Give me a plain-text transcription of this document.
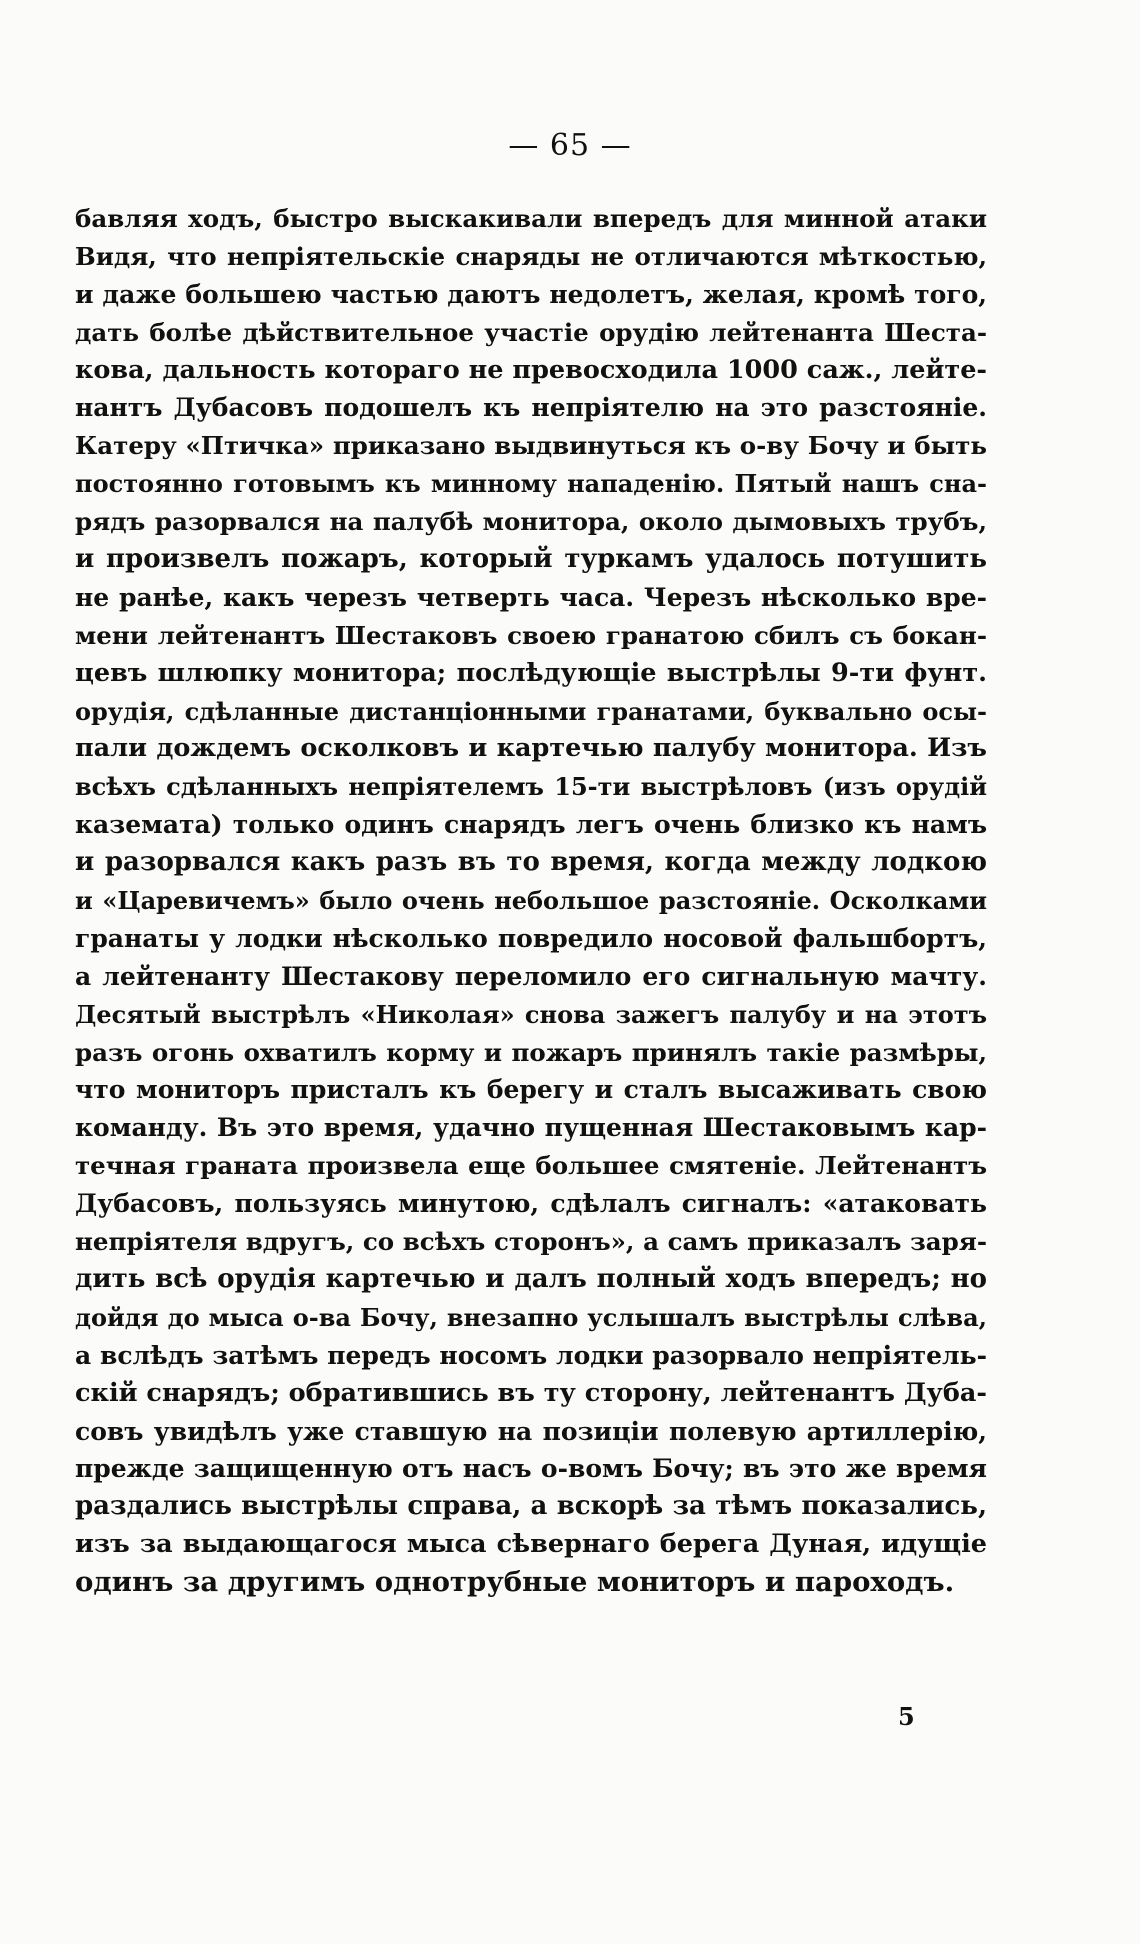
— 65 —
бавляя ходъ, быстро выскакивали впередъ для минной атаки
Видя, что непріятельскіе снаряды не отличаются мѣткостью,
и даже большею частью даютъ недолетъ, желая, кромѣ того,
дать болѣе дѣйствительное участіе орудію лейтенанта Шеста-
кова, дальность котораго не превосходила 1000 саж., лейте-
нантъ Дубасовъ подошелъ къ непріятелю на это разстояніе.
Катеру «Птичка» приказано выдвинуться къ о-ву Бочу и быть
постоянно готовымъ къ минному нападенію. Пятый нашъ сна-
рядъ разорвался на палубѣ монитора, около дымовыхъ трубъ,
и произвелъ пожаръ, который туркамъ удалось потушить
не ранѣе, какъ черезъ четверть часа. Черезъ нѣсколько вре-
мени лейтенантъ Шестаковъ своею гранатою сбилъ съ бокан-
цевъ шлюпку монитора; послѣдующіе выстрѣлы 9-ти фунт.
орудія, сдѣланные дистанціонными гранатами, буквально осы-
пали дождемъ осколковъ и картечью палубу монитора. Изъ
всѣхъ сдѣланныхъ непріятелемъ 15-ти выстрѣловъ (изъ орудій
каземата) только одинъ снарядъ легъ очень близко къ намъ
и разорвался какъ разъ въ то время, когда между лодкою
и «Царевичемъ» было очень небольшое разстояніе. Осколками
гранаты у лодки нѣсколько повредило носовой фальшбортъ,
а лейтенанту Шестакову переломило его сигнальную мачту.
Десятый выстрѣлъ «Николая» снова зажегъ палубу и на этотъ
разъ огонь охватилъ корму и пожаръ принялъ такіе размѣры,
что мониторъ присталъ къ берегу и сталъ высаживать свою
команду. Въ это время, удачно пущенная Шестаковымъ кар-
течная граната произвела еще большее смятеніе. Лейтенантъ
Дубасовъ, пользуясь минутою, сдѣлалъ сигналъ: «атаковать
непріятеля вдругъ, со всѣхъ сторонъ», а самъ приказалъ заря-
дить всѣ орудія картечью и далъ полный ходъ впередъ; но
дойдя до мыса о-ва Бочу, внезапно услышалъ выстрѣлы слѣва,
а вслѣдъ затѣмъ передъ носомъ лодки разорвало непріятель-
скій снарядъ; обратившись въ ту сторону, лейтенантъ Дуба-
совъ увидѣлъ уже ставшую на позиціи полевую артиллерію,
прежде защищенную отъ насъ о-вомъ Бочу; въ это же время
раздались выстрѣлы справа, а вскорѣ за тѣмъ показались,
изъ за выдающагося мыса сѣвернаго берега Дуная, идущіе
одинъ за другимъ однотрубные мониторъ и пароходъ.
5
